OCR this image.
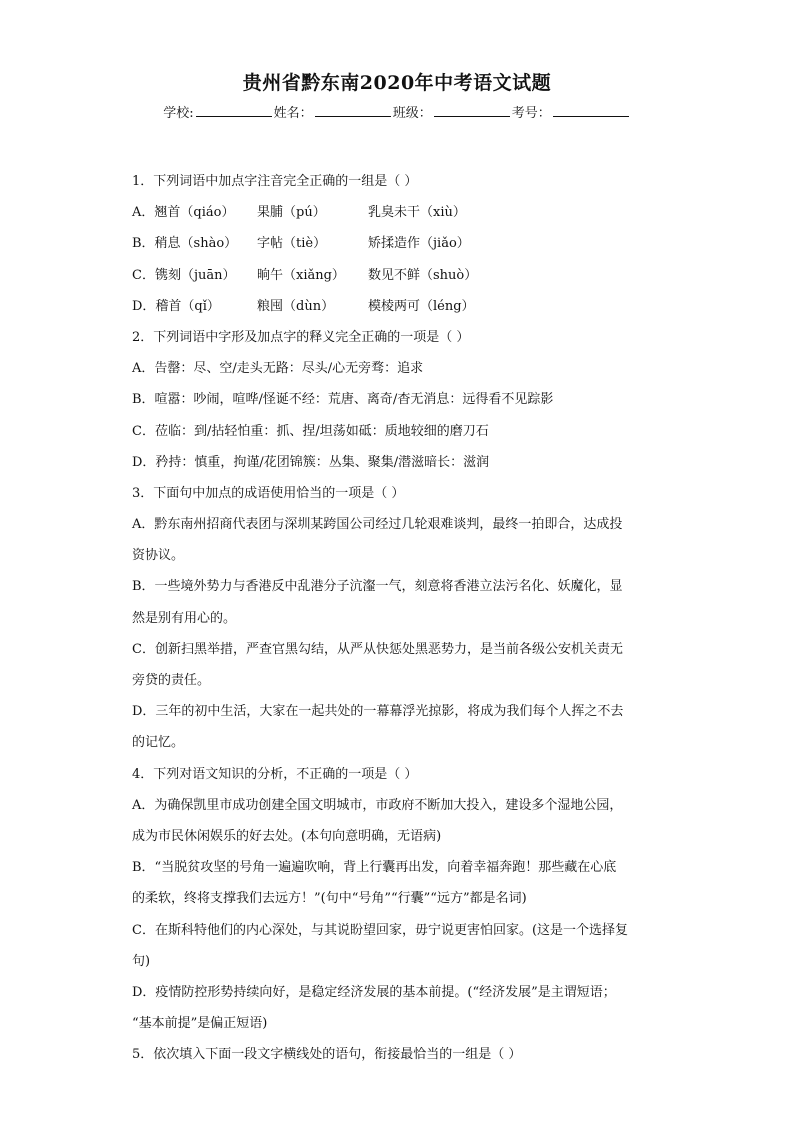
贵州省黔东南2020年中考语文试题
学校:	姓名：	班级：	考号：
1．下列词语中加点字注音完全正确的一组是（ ）
A．翘首（qiáo） 果脯（pú）	乳臭未干（xiù）
B．稍息（shào） 字帖（tiè）	矫揉造作（jiǎo）
C．镌刻（juān） 晌午（xiǎng） 数见不鲜（shuò）
D．稽首（qǐ）	粮囤（dùn）	模棱两可（léng）
2．下列词语中字形及加点字的释义完全正确的一项是（ ）
A．告罄：尽、空/走头无路：尽头/心无旁骛：追求
B．喧嚣：吵闹，喧哗/怪诞不经：荒唐、离奇/杳无消息：远得看不见踪影
C．莅临：到/拈轻怕重：抓、捏/坦荡如砥：质地较细的磨刀石
D．矜持：慎重，拘谨/花团锦簇：丛集、聚集/潜滋暗长：滋润
3．下面句中加点的成语使用恰当的一项是（ ）
A．黔东南州招商代表团与深圳某跨国公司经过几轮艰难谈判，最终一拍即合，达成投
资协议。
B．一些境外势力与香港反中乱港分子沆瀣一气，刻意将香港立法污名化、妖魔化，显
然是别有用心的。
C．创新扫黑举措，严查官黑勾结，从严从快惩处黑恶势力，是当前各级公安机关责无
旁贷的责任。
D．三年的初中生活，大家在一起共处的一幕幕浮光掠影，将成为我们每个人挥之不去
的记忆。
4．下列对语文知识的分析，不正确的一项是（ ）
A．为确保凯里市成功创建全国文明城市，市政府不断加大投入，建设多个湿地公园，
成为市民休闲娱乐的好去处。(本句向意明确，无语病)
B．“当脱贫攻坚的号角一遍遍吹响，背上行囊再出发，向着幸福奔跑！那些藏在心底
的柔软，终将支撑我们去远方！”(句中“号角”“行囊”“远方”都是名词)
C．在斯科特他们的内心深处，与其说盼望回家，毋宁说更害怕回家。(这是一个选择复
句)
D．疫情防控形势持续向好，是稳定经济发展的基本前提。(“经济发展”是主谓短语；
“基本前提”是偏正短语)
5．依次填入下面一段文字横线处的语句，衔接最恰当的一组是（ ）
